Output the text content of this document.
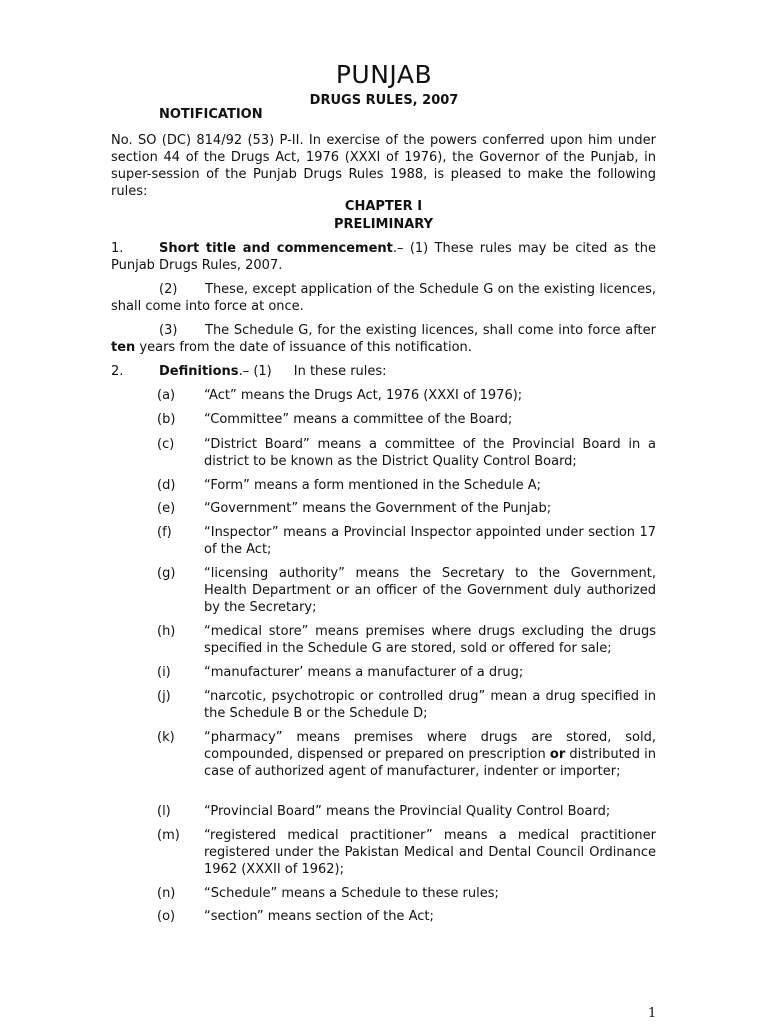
PUNJAB
DRUGS RULES, 2007
NOTIFICATION
No. SO (DC) 814/92 (53) P-II. In exercise of the powers conferred upon him under section 44 of the Drugs Act, 1976 (XXXI of 1976), the Governor of the Punjab, in super-session of the Punjab Drugs Rules 1988, is pleased to make the following rules:
CHAPTER I
PRELIMINARY
1.	Short title and commencement.– (1) These rules may be cited as the Punjab Drugs Rules, 2007.
(2) These, except application of the Schedule G on the existing licences, shall come into force at once.
(3) The Schedule G, for the existing licences, shall come into force after ten years from the date of issuance of this notification.
2.	Definitions.– (1) In these rules:
(a)	“Act” means the Drugs Act, 1976 (XXXI of 1976);
(b)	“Committee” means a committee of the Board;
(c)	“District Board” means a committee of the Provincial Board in a district to be known as the District Quality Control Board;
(d)	“Form” means a form mentioned in the Schedule A;
(e)	“Government” means the Government of the Punjab;
(f)	“Inspector” means a Provincial Inspector appointed under section 17 of the Act;
(g)	“licensing authority” means the Secretary to the Government, Health Department or an officer of the Government duly authorized by the Secretary;
(h)	“medical store” means premises where drugs excluding the drugs specified in the Schedule G are stored, sold or offered for sale;
(i)	“manufacturer’ means a manufacturer of a drug;
(j)	“narcotic, psychotropic or controlled drug” mean a drug specified in the Schedule B or the Schedule D;
(k)	“pharmacy” means premises where drugs are stored, sold, compounded, dispensed or prepared on prescription or distributed in case of authorized agent of manufacturer, indenter or importer;
(l)	“Provincial Board” means the Provincial Quality Control Board;
(m)	“registered medical practitioner” means a medical practitioner registered under the Pakistan Medical and Dental Council Ordinance 1962 (XXXII of 1962);
(n)	“Schedule” means a Schedule to these rules;
(o)	“section” means section of the Act;
1
